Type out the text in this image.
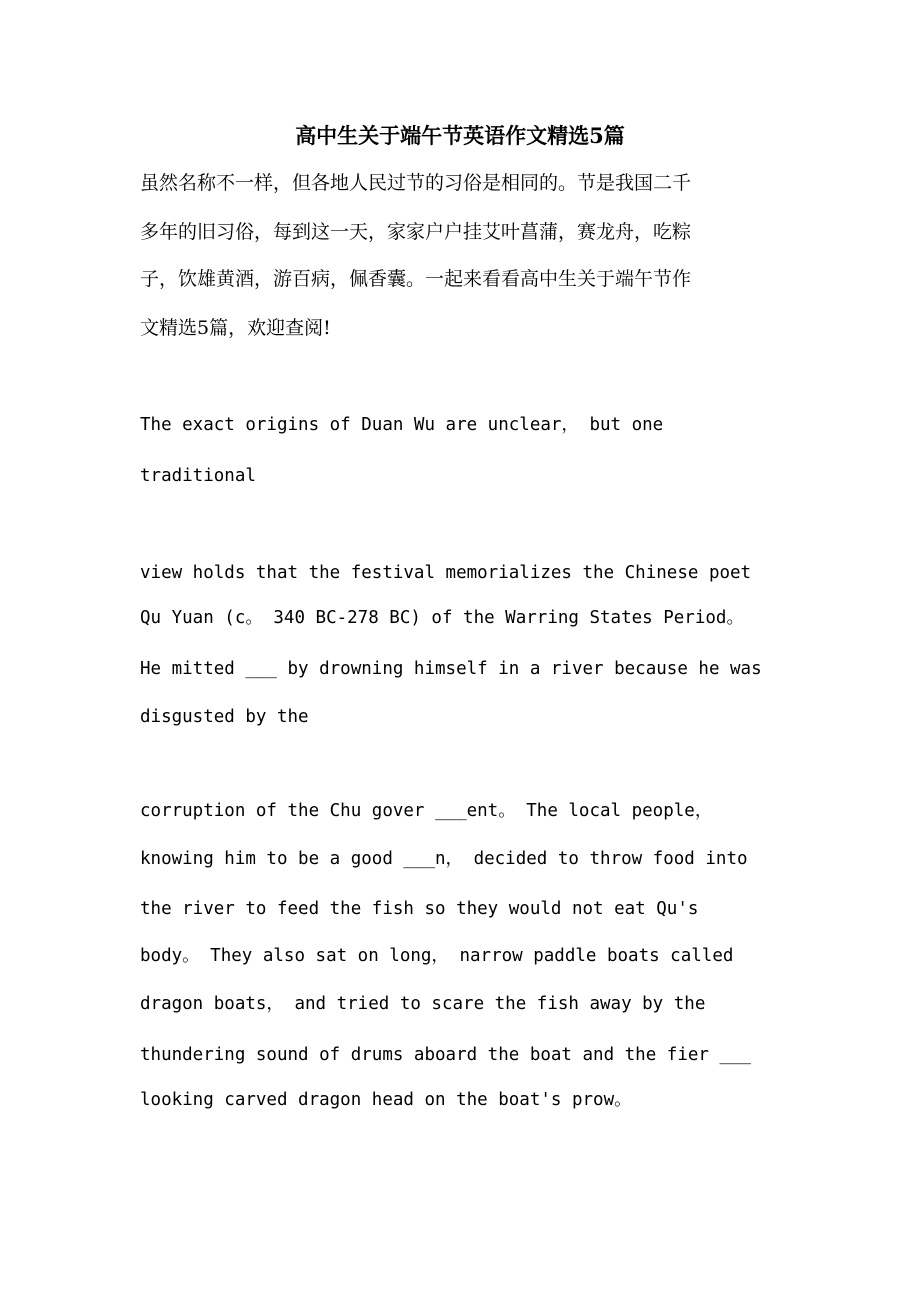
高中生关于端午节英语作文精选5篇
虽然名称不一样，但各地人民过节的习俗是相同的。节是我国二千
多年的旧习俗，每到这一天，家家户户挂艾叶菖蒲，赛龙舟，吃粽
子，饮雄黄酒，游百病，佩香囊。一起来看看高中生关于端午节作
文精选5篇，欢迎查阅!
The exact origins of Duan Wu are unclear， but one
traditional
view holds that the festival memorializes the Chinese poet
Qu Yuan (c。 340 BC-278 BC) of the Warring States Period。
He mitted ___ by drowning himself in a river because he was
disgusted by the
corruption of the Chu gover ___ent。 The local people，
knowing him to be a good ___n， decided to throw food into
the river to feed the fish so they would not eat Qu's
body。 They also sat on long， narrow paddle boats called
dragon boats， and tried to scare the fish away by the
thundering sound of drums aboard the boat and the fier ___
looking carved dragon head on the boat's prow。
